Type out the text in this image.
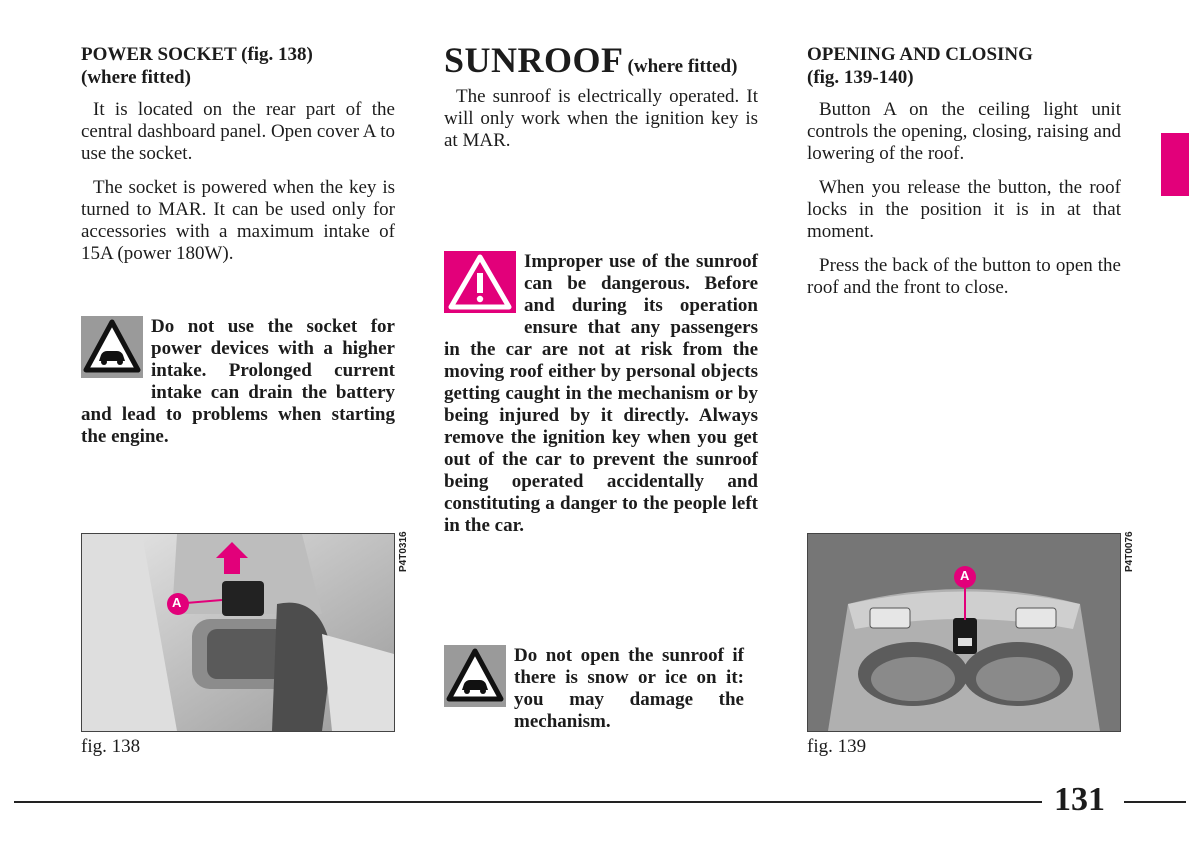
POWER SOCKET (fig. 138)
(where fitted)

It is located on the rear part of the central dashboard panel. Open cover A to use the socket.

The socket is powered when the key is turned to MAR. It can be used only for accessories with a maximum intake of 15A (power 180W).

Do not use the socket for power devices with a higher intake. Prolonged current intake can drain the battery and lead to problems when starting the engine.
A
P4T0316
fig. 138
SUNROOF (where fitted)

The sunroof is electrically operated. It will only work when the ignition key is at MAR.

Improper use of the sunroof can be dangerous. Before and during its operation ensure that any passengers in the car are not at risk from the moving roof either by personal objects getting caught in the mechanism or by being injured by it directly. Always remove the ignition key when you get out of the car to prevent the sunroof being operated accidentally and constituting a danger to the people left in the car.
Do not open the sunroof if there is snow or ice on it: you may damage the mechanism.
OPENING AND CLOSING
(fig. 139-140)

Button A on the ceiling light unit controls the opening, closing, raising and lowering of the roof.

When you release the button, the roof locks in the position it is in at that moment.

Press the back of the button to open the roof and the front to close.

A
P4T0076
fig. 139
131
